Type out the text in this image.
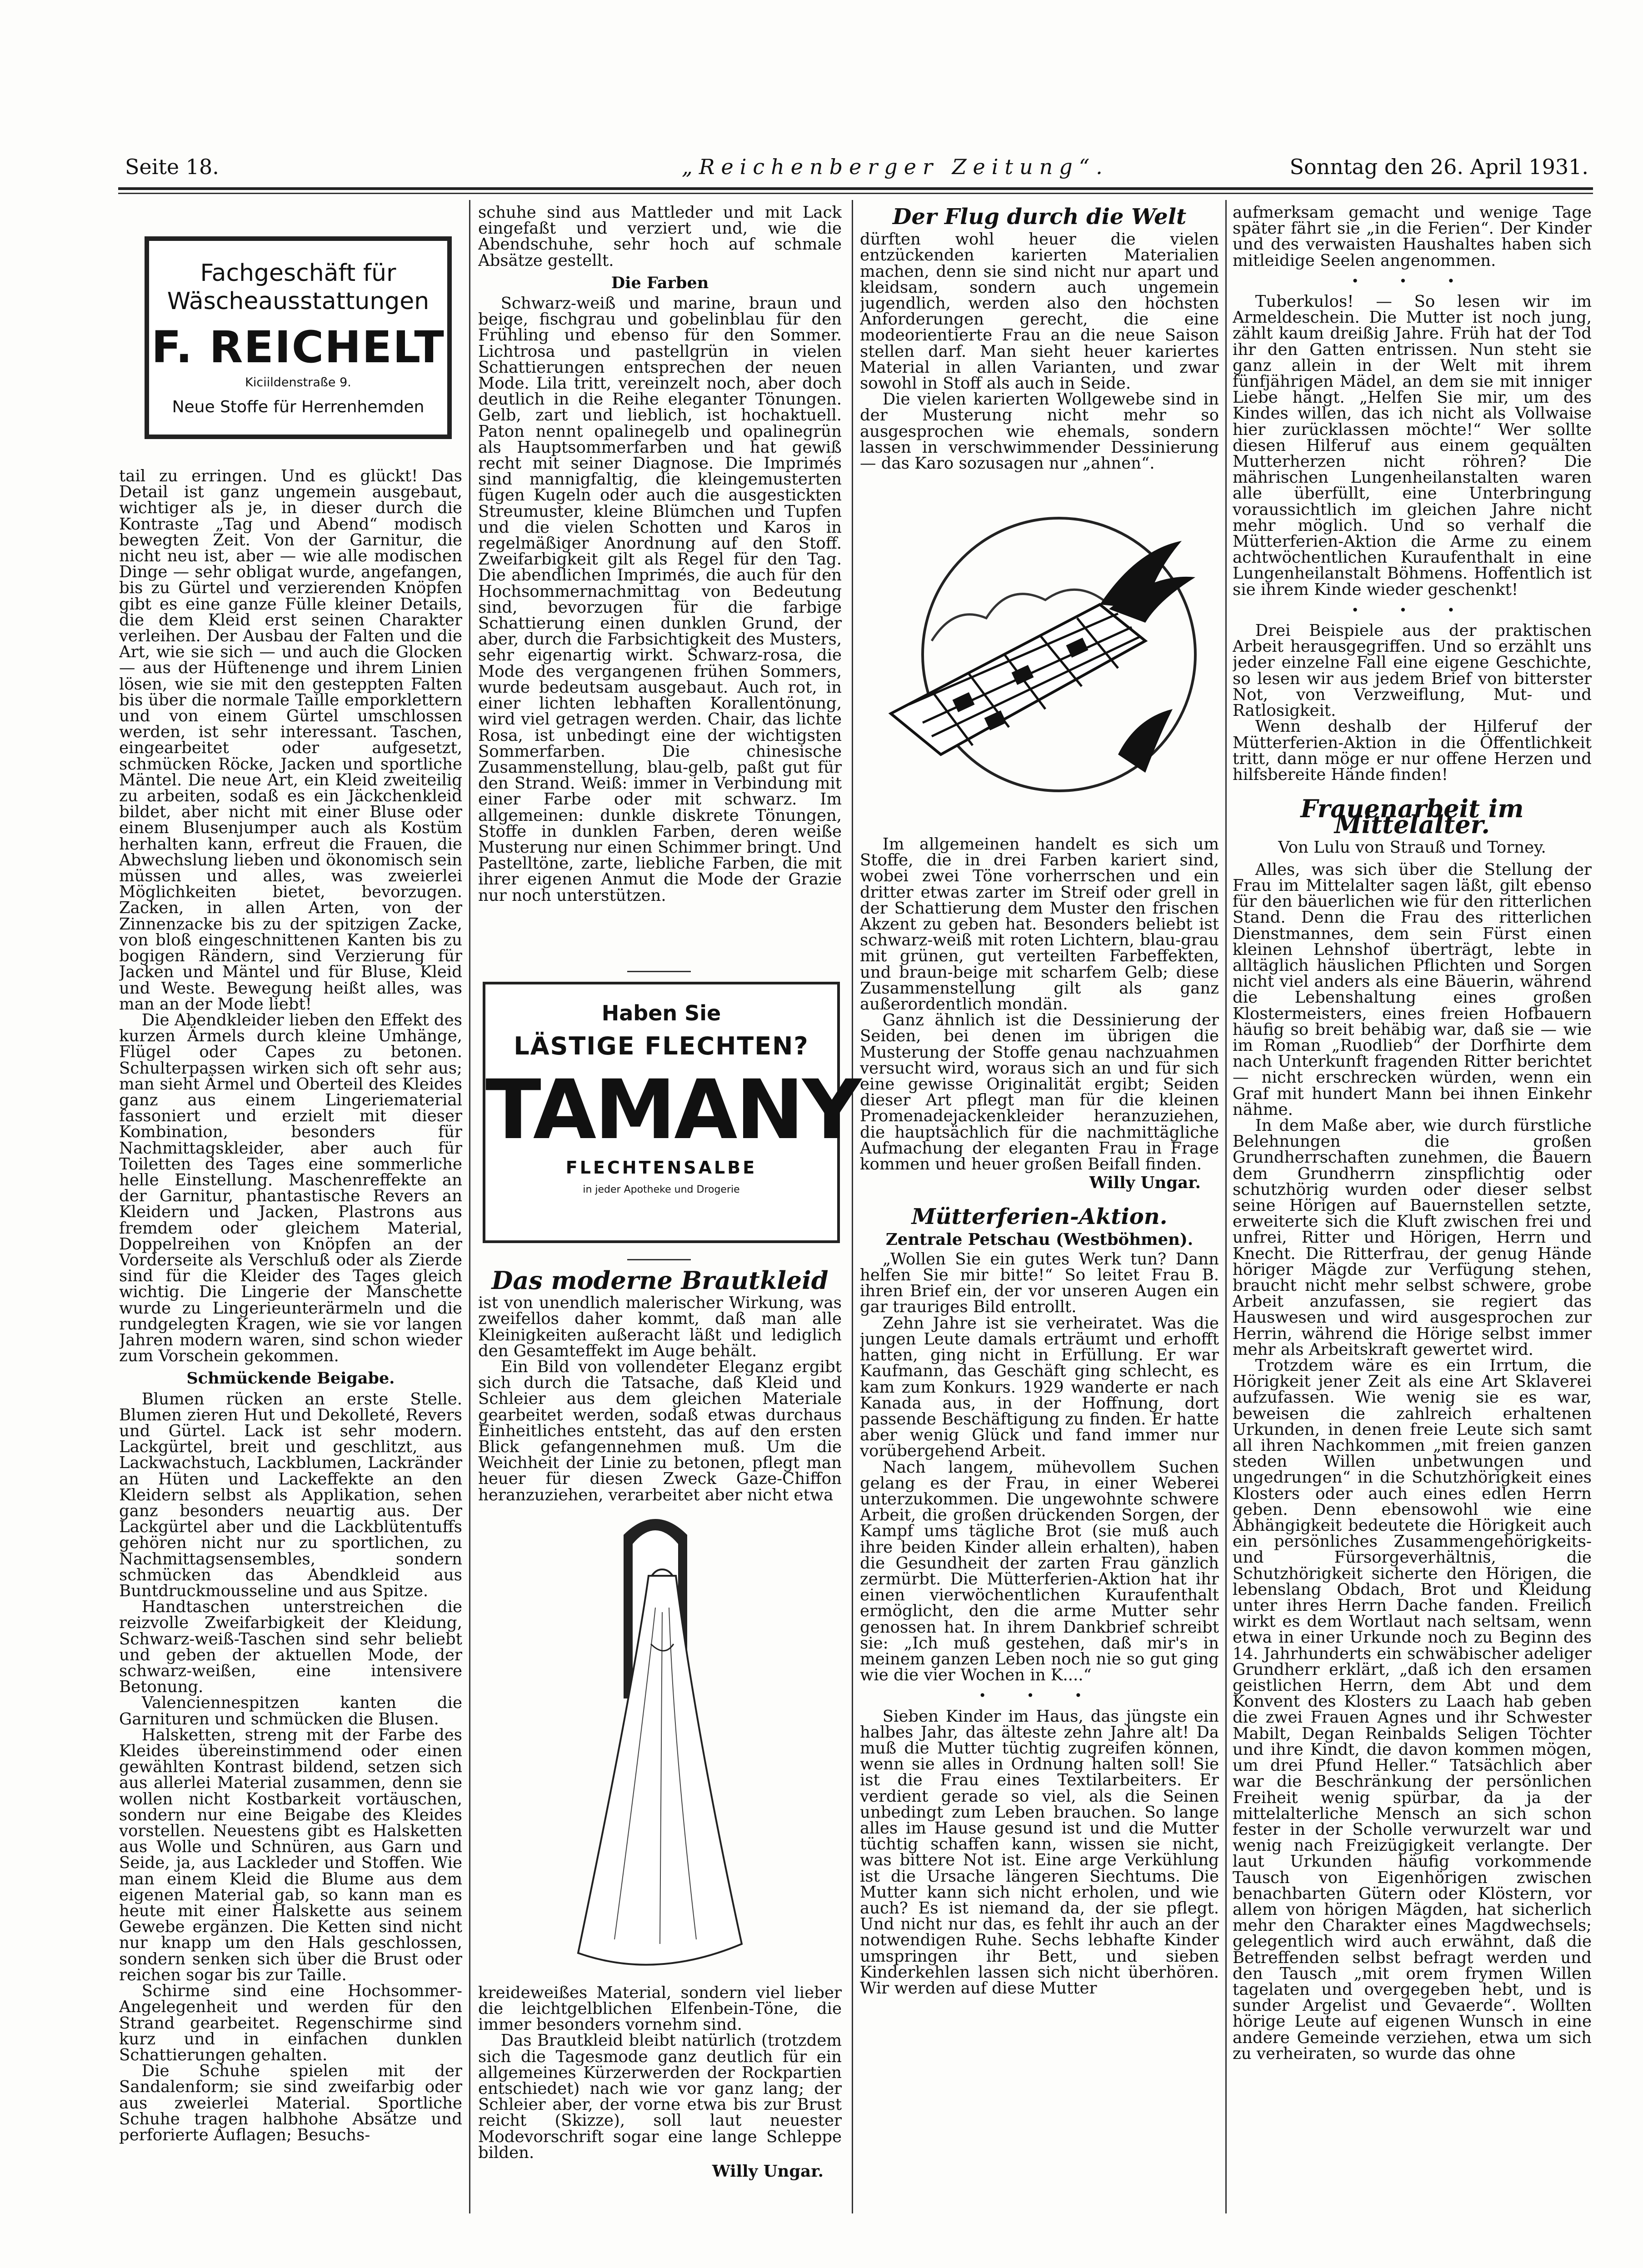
Seite 18.	„Reichenberger Zeitung“.	Sonntag den 26. April 1931.
Fachgeschäft für
Wäscheausstattungen
F. REICHELT
Kiciildenstraße 9.
Neue Stoffe für Herrenhemden

tail zu erringen. Und es glückt! Das Detail ist ganz ungemein ausgebaut, wichtiger als je, in dieser durch die Kontraste „Tag und Abend“ modisch bewegten Zeit. Von der Garnitur, die nicht neu ist, aber — wie alle modischen Dinge — sehr obligat wurde, angefangen, bis zu Gürtel und verzierenden Knöpfen gibt es eine ganze Fülle kleiner Details, die dem Kleid erst seinen Charakter verleihen. Der Ausbau der Falten und die Art, wie sie sich — und auch die Glocken — aus der Hüftenenge und ihrem Linien lösen, wie sie mit den gesteppten Falten bis über die normale Taille emporklettern und von einem Gürtel umschlossen werden, ist sehr interessant. Taschen, eingearbeitet oder aufgesetzt, schmücken Röcke, Jacken und sportliche Mäntel. Die neue Art, ein Kleid zweiteilig zu arbeiten, sodaß es ein Jäckchenkleid bildet, aber nicht mit einer Bluse oder einem Blusenjumper auch als Kostüm herhalten kann, erfreut die Frauen, die Abwechslung lieben und ökonomisch sein müssen und alles, was zweierlei Möglichkeiten bietet, bevorzugen. Zacken, in allen Arten, von der Zinnenzacke bis zu der spitzigen Zacke, von bloß eingeschnittenen Kanten bis zu bogigen Rändern, sind Verzierung für Jacken und Mäntel und für Bluse, Kleid und Weste. Bewegung heißt alles, was man an der Mode liebt!

Die Abendkleider lieben den Effekt des kurzen Ärmels durch kleine Umhänge, Flügel oder Capes zu betonen. Schulterpassen wirken sich oft sehr aus; man sieht Ärmel und Oberteil des Kleides ganz aus einem Lingeriematerial fassoniert und erzielt mit dieser Kombination, besonders für Nachmittagskleider, aber auch für Toiletten des Tages eine sommerliche helle Einstellung. Maschenreffekte an der Garnitur, phantastische Revers an Kleidern und Jacken, Plastrons aus fremdem oder gleichem Material, Doppelreihen von Knöpfen an der Vorderseite als Verschluß oder als Zierde sind für die Kleider des Tages gleich wichtig. Die Lingerie der Manschette wurde zu Lingerieunterärmeln und die rundgelegten Kragen, wie sie vor langen Jahren modern waren, sind schon wieder zum Vorschein gekommen.

Schmückende Beigabe.

Blumen rücken an erste Stelle. Blumen zieren Hut und Dekolleté, Revers und Gürtel. Lack ist sehr modern. Lackgürtel, breit und geschlitzt, aus Lackwachstuch, Lackblumen, Lackränder an Hüten und Lackeffekte an den Kleidern selbst als Applikation, sehen ganz besonders neuartig aus. Der Lackgürtel aber und die Lackblütentuffs gehören nicht nur zu sportlichen, zu Nachmittagsensembles, sondern schmücken das Abendkleid aus Buntdruckmousseline und aus Spitze.

Handtaschen unterstreichen die reizvolle Zweifarbigkeit der Kleidung, Schwarz-weiß-Taschen sind sehr beliebt und geben der aktuellen Mode, der schwarz-weißen, eine intensivere Betonung.

Valenciennespitzen kanten die Garnituren und schmücken die Blusen.

Halsketten, streng mit der Farbe des Kleides übereinstimmend oder einen gewählten Kontrast bildend, setzen sich aus allerlei Material zusammen, denn sie wollen nicht Kostbarkeit vortäuschen, sondern nur eine Beigabe des Kleides vorstellen. Neuestens gibt es Halsketten aus Wolle und Schnüren, aus Garn und Seide, ja, aus Lackleder und Stoffen. Wie man einem Kleid die Blume aus dem eigenen Material gab, so kann man es heute mit einer Halskette aus seinem Gewebe ergänzen. Die Ketten sind nicht nur knapp um den Hals geschlossen, sondern senken sich über die Brust oder reichen sogar bis zur Taille.

Schirme sind eine Hochsommer-Angelegenheit und werden für den Strand gearbeitet. Regenschirme sind kurz und in einfachen dunklen Schattierungen gehalten.

Die Schuhe spielen mit der Sandalenform; sie sind zweifarbig oder aus zweierlei Material. Sportliche Schuhe tragen halbhohe Absätze und perforierte Auflagen; Besuchs-

schuhe sind aus Mattleder und mit Lack eingefaßt und verziert und, wie die Abendschuhe, sehr hoch auf schmale Absätze gestellt.

Die Farben

Schwarz-weiß und marine, braun und beige, fischgrau und gobelinblau für den Frühling und ebenso für den Sommer. Lichtrosa und pastellgrün in vielen Schattierungen entsprechen der neuen Mode. Lila tritt, vereinzelt noch, aber doch deutlich in die Reihe eleganter Tönungen. Gelb, zart und lieblich, ist hochaktuell. Paton nennt opalinegelb und opalinegrün als Hauptsommerfarben und hat gewiß recht mit seiner Diagnose. Die Imprimés sind mannigfaltig, die kleingemusterten fügen Kugeln oder auch die ausgestickten Streumuster, kleine Blümchen und Tupfen und die vielen Schotten und Karos in regelmäßiger Anordnung auf den Stoff. Zweifarbigkeit gilt als Regel für den Tag. Die abendlichen Imprimés, die auch für den Hochsommernachmittag von Bedeutung sind, bevorzugen für die farbige Schattierung einen dunklen Grund, der aber, durch die Farbsichtigkeit des Musters, sehr eigenartig wirkt. Schwarz-rosa, die Mode des vergangenen frühen Sommers, wurde bedeutsam ausgebaut. Auch rot, in einer lichten lebhaften Korallentönung, wird viel getragen werden. Chair, das lichte Rosa, ist unbedingt eine der wichtigsten Sommerfarben. Die chinesische Zusammenstellung, blau-gelb, paßt gut für den Strand. Weiß: immer in Verbindung mit einer Farbe oder mit schwarz. Im allgemeinen: dunkle diskrete Tönungen, Stoffe in dunklen Farben, deren weiße Musterung nur einen Schimmer bringt. Und Pastelltöne, zarte, liebliche Farben, die mit ihrer eigenen Anmut die Mode der Grazie nur noch unterstützen.

Haben Sie
LÄSTIGE FLECHTEN?
TAMANY
FLECHTENSALBE
in jeder Apotheke und Drogerie
Das moderne Brautkleid

ist von unendlich malerischer Wirkung, was zweifellos daher kommt, daß man alle Kleinigkeiten außeracht läßt und lediglich den Gesamteffekt im Auge behält.

Ein Bild von vollendeter Eleganz ergibt sich durch die Tatsache, daß Kleid und Schleier aus dem gleichen Materiale gearbeitet werden, sodaß etwas durchaus Einheitliches entsteht, das auf den ersten Blick gefangennehmen muß. Um die Weichheit der Linie zu betonen, pflegt man heuer für diesen Zweck Gaze-Chiffon heranzuziehen, verarbeitet aber nicht etwa

kreideweißes Material, sondern viel lieber die leichtgelblichen Elfenbein-Töne, die immer besonders vornehm sind.

Das Brautkleid bleibt natürlich (trotzdem sich die Tagesmode ganz deutlich für ein allgemeines Kürzerwerden der Rockpartien entschiedet) nach wie vor ganz lang; der Schleier aber, der vorne etwa bis zur Brust reicht (Skizze), soll laut neuester Modevorschrift sogar eine lange Schleppe bilden.

Willy Ungar.
Der Flug durch die Welt

dürften wohl heuer die vielen entzückenden karierten Materialien machen, denn sie sind nicht nur apart und kleidsam, sondern auch ungemein jugendlich, werden also den höchsten Anforderungen gerecht, die eine modeorientierte Frau an die neue Saison stellen darf. Man sieht heuer kariertes Material in allen Varianten, und zwar sowohl in Stoff als auch in Seide.

Die vielen karierten Wollgewebe sind in der Musterung nicht mehr so ausgesprochen wie ehemals, sondern lassen in verschwimmender Dessinierung — das Karo sozusagen nur „ahnen“.

Im allgemeinen handelt es sich um Stoffe, die in drei Farben kariert sind, wobei zwei Töne vorherrschen und ein dritter etwas zarter im Streif oder grell in der Schattierung dem Muster den frischen Akzent zu geben hat. Besonders beliebt ist schwarz-weiß mit roten Lichtern, blau-grau mit grünen, gut verteilten Farbeffekten, und braun-beige mit scharfem Gelb; diese Zusammenstellung gilt als ganz außerordentlich mondän.

Ganz ähnlich ist die Dessinierung der Seiden, bei denen im übrigen die Musterung der Stoffe genau nachzuahmen versucht wird, woraus sich an und für sich eine gewisse Originalität ergibt; Seiden dieser Art pflegt man für die kleinen Promenadejackenkleider heranzuziehen, die hauptsächlich für die nachmittägliche Aufmachung der eleganten Frau in Frage kommen und heuer großen Beifall finden.

Willy Ungar.
Mütterferien-Aktion.
Zentrale Petschau (Westböhmen).

„Wollen Sie ein gutes Werk tun? Dann helfen Sie mir bitte!“ So leitet Frau B. ihren Brief ein, der vor unseren Augen ein gar trauriges Bild entrollt.

Zehn Jahre ist sie verheiratet. Was die jungen Leute damals erträumt und erhofft hatten, ging nicht in Erfüllung. Er war Kaufmann, das Geschäft ging schlecht, es kam zum Konkurs. 1929 wanderte er nach Kanada aus, in der Hoffnung, dort passende Beschäftigung zu finden. Er hatte aber wenig Glück und fand immer nur vorübergehend Arbeit.

Nach langem, mühevollem Suchen gelang es der Frau, in einer Weberei unterzukommen. Die ungewohnte schwere Arbeit, die großen drückenden Sorgen, der Kampf ums tägliche Brot (sie muß auch ihre beiden Kinder allein erhalten), haben die Gesundheit der zarten Frau gänzlich zermürbt. Die Mütterferien-Aktion hat ihr einen vierwöchentlichen Kuraufenthalt ermöglicht, den die arme Mutter sehr genossen hat. In ihrem Dankbrief schreibt sie: „Ich muß gestehen, daß mir's in meinem ganzen Leben noch nie so gut ging wie die vier Wochen in K....“

• • •

Sieben Kinder im Haus, das jüngste ein halbes Jahr, das älteste zehn Jahre alt! Da muß die Mutter tüchtig zugreifen können, wenn sie alles in Ordnung halten soll! Sie ist die Frau eines Textilarbeiters. Er verdient gerade so viel, als die Seinen unbedingt zum Leben brauchen. So lange alles im Hause gesund ist und die Mutter tüchtig schaffen kann, wissen sie nicht, was bittere Not ist. Eine arge Verkühlung ist die Ursache längeren Siechtums. Die Mutter kann sich nicht erholen, und wie auch? Es ist niemand da, der sie pflegt. Und nicht nur das, es fehlt ihr auch an der notwendigen Ruhe. Sechs lebhafte Kinder umspringen ihr Bett, und sieben Kinderkehlen lassen sich nicht überhören. Wir werden auf diese Mutter

aufmerksam gemacht und wenige Tage später fährt sie „in die Ferien“. Der Kinder und des verwaisten Haushaltes haben sich mitleidige Seelen angenommen.

• • •

Tuberkulos! — So lesen wir im Armeldeschein. Die Mutter ist noch jung, zählt kaum dreißig Jahre. Früh hat der Tod ihr den Gatten entrissen. Nun steht sie ganz allein in der Welt mit ihrem fünfjährigen Mädel, an dem sie mit inniger Liebe hängt. „Helfen Sie mir, um des Kindes willen, das ich nicht als Vollwaise hier zurücklassen möchte!“ Wer sollte diesen Hilferuf aus einem gequälten Mutterherzen nicht röhren? Die mährischen Lungenheilanstalten waren alle überfüllt, eine Unterbringung voraussichtlich im gleichen Jahre nicht mehr möglich. Und so verhalf die Mütterferien-Aktion die Arme zu einem achtwöchentlichen Kuraufenthalt in eine Lungenheilanstalt Böhmens. Hoffentlich ist sie ihrem Kinde wieder geschenkt!

• • •

Drei Beispiele aus der praktischen Arbeit herausgegriffen. Und so erzählt uns jeder einzelne Fall eine eigene Geschichte, so lesen wir aus jedem Brief von bitterster Not, von Verzweiflung, Mut- und Ratlosigkeit.

Wenn deshalb der Hilferuf der Mütterferien-Aktion in die Öffentlichkeit tritt, dann möge er nur offene Herzen und hilfsbereite Hände finden!

Frauenarbeit im Mittelalter.
Von Lulu von Strauß und Torney.

Alles, was sich über die Stellung der Frau im Mittelalter sagen läßt, gilt ebenso für den bäuerlichen wie für den ritterlichen Stand. Denn die Frau des ritterlichen Dienstmannes, dem sein Fürst einen kleinen Lehnshof überträgt, lebte in alltäglich häuslichen Pflichten und Sorgen nicht viel anders als eine Bäuerin, während die Lebenshaltung eines großen Klostermeisters, eines freien Hofbauern häufig so breit behäbig war, daß sie — wie im Roman „Ruodlieb“ der Dorfhirte dem nach Unterkunft fragenden Ritter berichtet — nicht erschrecken würden, wenn ein Graf mit hundert Mann bei ihnen Einkehr nähme.

In dem Maße aber, wie durch fürstliche Belehnungen die großen Grundherrschaften zunehmen, die Bauern dem Grundherrn zinspflichtig oder schutzhörig wurden oder dieser selbst seine Hörigen auf Bauernstellen setzte, erweiterte sich die Kluft zwischen frei und unfrei, Ritter und Hörigen, Herrn und Knecht. Die Ritterfrau, der genug Hände höriger Mägde zur Verfügung stehen, braucht nicht mehr selbst schwere, grobe Arbeit anzufassen, sie regiert das Hauswesen und wird ausgesprochen zur Herrin, während die Hörige selbst immer mehr als Arbeitskraft gewertet wird.

Trotzdem wäre es ein Irrtum, die Hörigkeit jener Zeit als eine Art Sklaverei aufzufassen. Wie wenig sie es war, beweisen die zahlreich erhaltenen Urkunden, in denen freie Leute sich samt all ihren Nachkommen „mit freien ganzen steden Willen unbetwungen und ungedrungen“ in die Schutzhörigkeit eines Klosters oder auch eines edlen Herrn geben. Denn ebensowohl wie eine Abhängigkeit bedeutete die Hörigkeit auch ein persönliches Zusammengehörigkeits- und Fürsorgeverhältnis, die Schutzhörigkeit sicherte den Hörigen, die lebenslang Obdach, Brot und Kleidung unter ihres Herrn Dache fanden. Freilich wirkt es dem Wortlaut nach seltsam, wenn etwa in einer Urkunde noch zu Beginn des 14. Jahrhunderts ein schwäbischer adeliger Grundherr erklärt, „daß ich den ersamen geistlichen Herrn, dem Abt und dem Konvent des Klosters zu Laach hab geben die zwei Frauen Agnes und ihr Schwester Mabilt, Degan Reinbalds Seligen Töchter und ihre Kindt, die davon kommen mögen, um drei Pfund Heller.“ Tatsächlich aber war die Beschränkung der persönlichen Freiheit wenig spürbar, da ja der mittelalterliche Mensch an sich schon fester in der Scholle verwurzelt war und wenig nach Freizügigkeit verlangte. Der laut Urkunden häufig vorkommende Tausch von Eigenhörigen zwischen benachbarten Gütern oder Klöstern, vor allem von hörigen Mägden, hat sicherlich mehr den Charakter eines Magdwechsels; gelegentlich wird auch erwähnt, daß die Betreffenden selbst befragt werden und den Tausch „mit orem frymen Willen tagelaten und overgegeben hebt, und is sunder Argelist und Gevaerde“. Wollten hörige Leute auf eigenen Wunsch in eine andere Gemeinde verziehen, etwa um sich zu verheiraten, so wurde das ohne
